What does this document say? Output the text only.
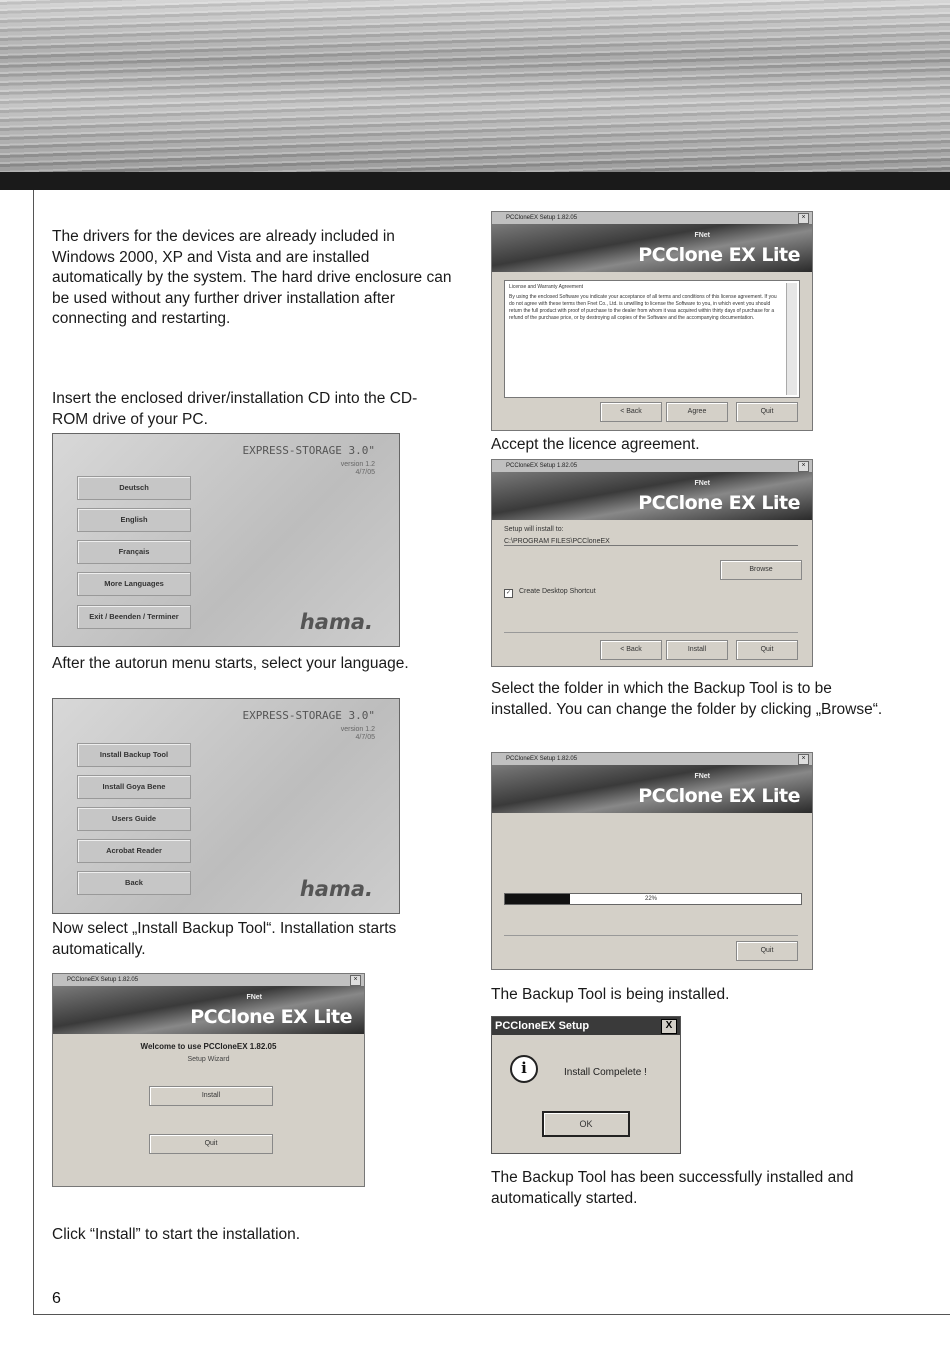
The drivers for the devices are already included in Windows 2000, XP and Vista and are installed automatically by the system. The hard drive enclosure can be used without any further driver installation after connecting and restarting.
Insert the enclosed driver/installation CD into the CD-ROM drive of your PC.
EXPRESS-STORAGE 3.0"
version 1.2
4/7/05
Deutsch
English
Français
More Languages
Exit / Beenden / Terminer	hama.
After the autorun menu starts, select your language.
EXPRESS-STORAGE 3.0"
version 1.2
4/7/05
Install Backup Tool
Install Goya Bene
Users Guide
Acrobat Reader
Back	hama.
Now select „Install Backup Tool“. Installation starts automatically.
PCCloneEX Setup 1.82.05	×
FNet
PCClone EX Lite
Welcome to use PCCloneEX 1.82.05
Setup Wizard
Install
Quit
Click “Install” to start the installation.
PCCloneEX Setup 1.82.05	×
FNet
PCClone EX Lite
License and Warranty Agreement
By using the enclosed Software you indicate your acceptance of all terms and conditions of this license agreement. If you do not agree with these terms then Fnet Co., Ltd. is unwilling to license the Software to you, in which event you should return the full product with proof of purchase to the dealer from whom it was acquired within thirty days of purchase for a refund of the purchase price, or by destroying all copies of the Software and the accompanying documentation.
< Back	Agree	Quit
Accept the licence agreement.
PCCloneEX Setup 1.82.05	×
FNet
PCClone EX Lite
Setup will install to:
C:\PROGRAM FILES\PCCloneEX
Browse
✓ Create Desktop Shortcut
< Back	Install	Quit
Select the folder in which the Backup Tool is to be installed. You can change the folder by clicking „Browse“.
PCCloneEX Setup 1.82.05	×
FNet
PCClone EX Lite
22%
Quit
The Backup Tool is being installed.
PCCloneEX Setup	X
i	Install Compelete !
OK
The Backup Tool has been successfully installed and automatically started.
6
